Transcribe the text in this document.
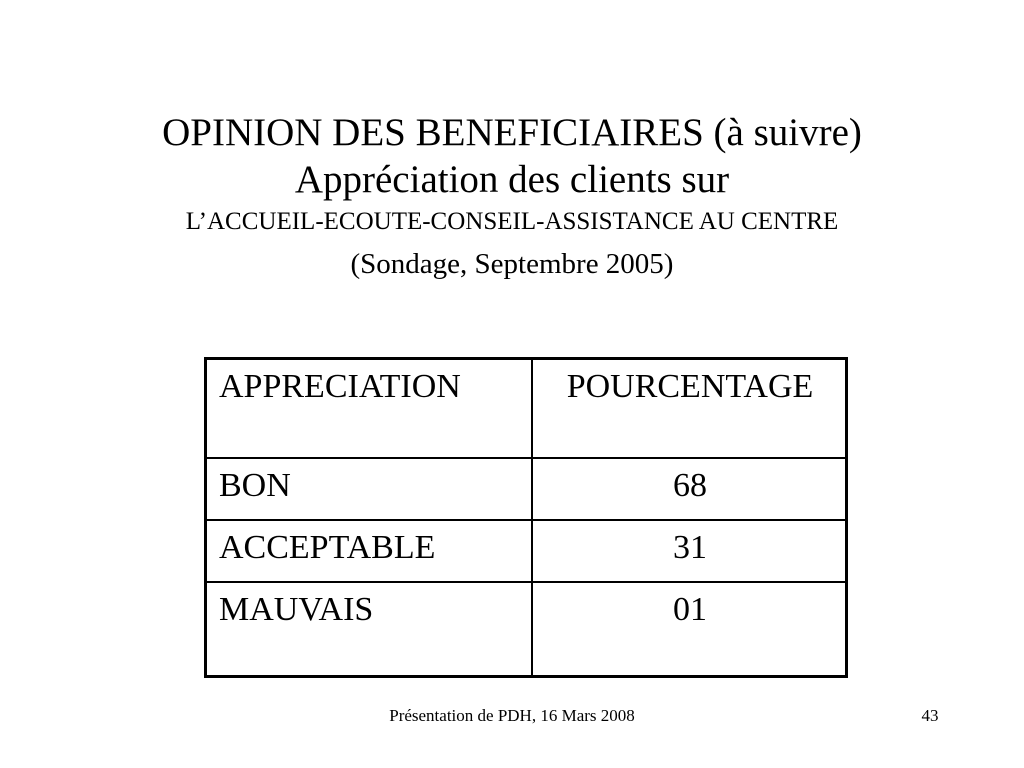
OPINION DES BENEFICIAIRES (à suivre)
Appréciation des clients sur
L’ACCUEIL-ECOUTE-CONSEIL-ASSISTANCE AU CENTRE
(Sondage, Septembre 2005)
APPRECIATION	POURCENTAGE
BON	68
ACCEPTABLE	31
MAUVAIS	01
Présentation de PDH, 16 Mars 2008	43
